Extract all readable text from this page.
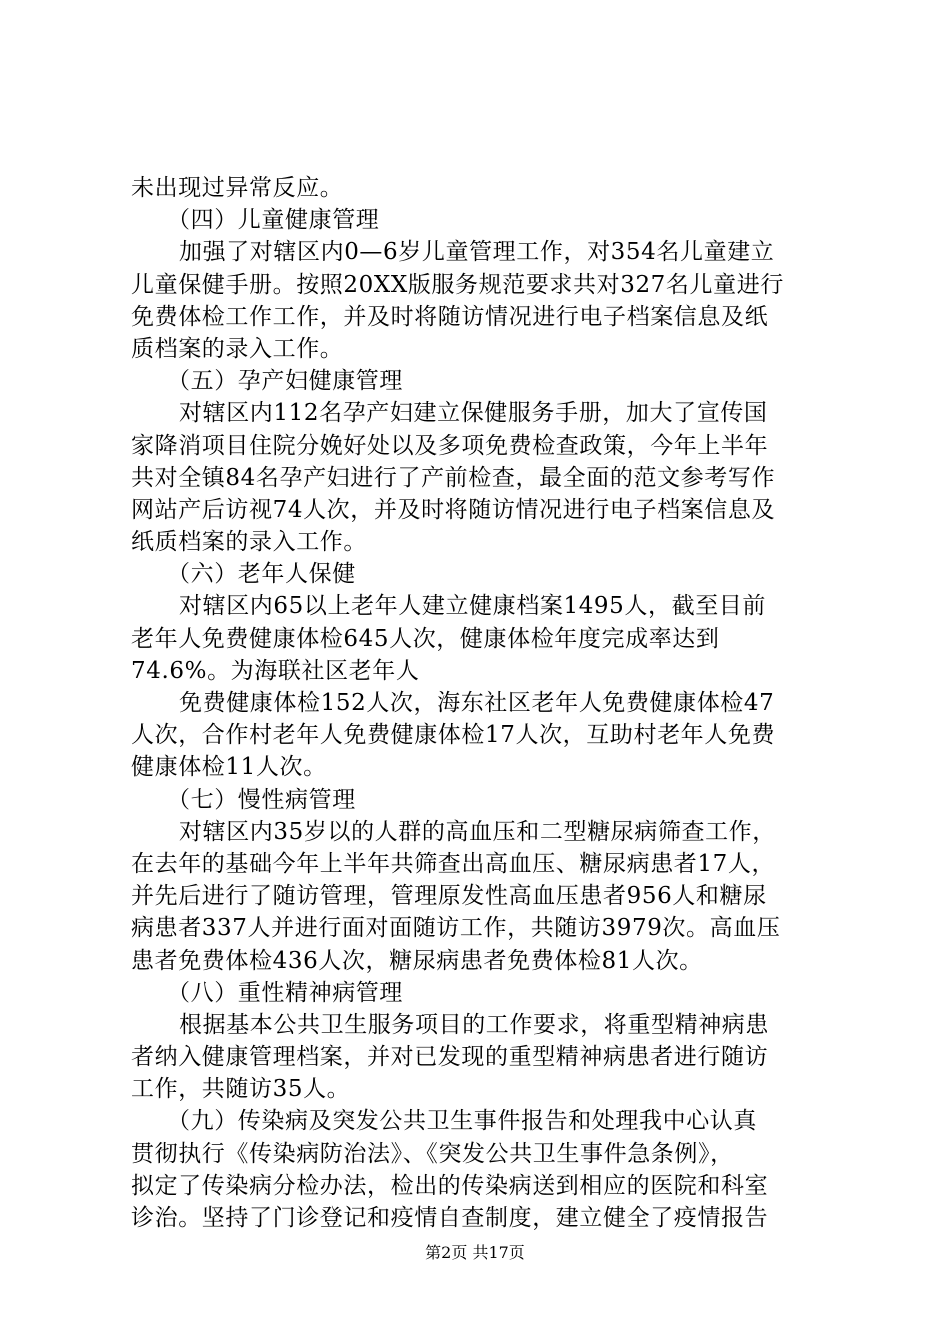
未出现过异常反应。
（四）儿童健康管理
加强了对辖区内0—6岁儿童管理工作，对354名儿童建立
儿童保健手册。按照20XX版服务规范要求共对327名儿童进行
免费体检工作工作，并及时将随访情况进行电子档案信息及纸
质档案的录入工作。
（五）孕产妇健康管理
对辖区内112名孕产妇建立保健服务手册，加大了宣传国
家降消项目住院分娩好处以及多项免费检查政策，今年上半年
共对全镇84名孕产妇进行了产前检查，最全面的范文参考写作
网站产后访视74人次，并及时将随访情况进行电子档案信息及
纸质档案的录入工作。
（六）老年人保健
对辖区内65以上老年人建立健康档案1495人，截至目前
老年人免费健康体检645人次，健康体检年度完成率达到
74.6%。为海联社区老年人
免费健康体检152人次，海东社区老年人免费健康体检47
人次，合作村老年人免费健康体检17人次，互助村老年人免费
健康体检11人次。
（七）慢性病管理
对辖区内35岁以的人群的高血压和二型糖尿病筛查工作，
在去年的基础今年上半年共筛查出高血压、糖尿病患者17人，
并先后进行了随访管理，管理原发性高血压患者956人和糖尿
病患者337人并进行面对面随访工作，共随访3979次。高血压
患者免费体检436人次，糖尿病患者免费体检81人次。
（八）重性精神病管理
根据基本公共卫生服务项目的工作要求，将重型精神病患
者纳入健康管理档案，并对已发现的重型精神病患者进行随访
工作，共随访35人。
（九）传染病及突发公共卫生事件报告和处理我中心认真
贯彻执行《传染病防治法》、《突发公共卫生事件急条例》，
拟定了传染病分检办法，检出的传染病送到相应的医院和科室
诊治。坚持了门诊登记和疫情自查制度，建立健全了疫情报告
第2页 共17页
